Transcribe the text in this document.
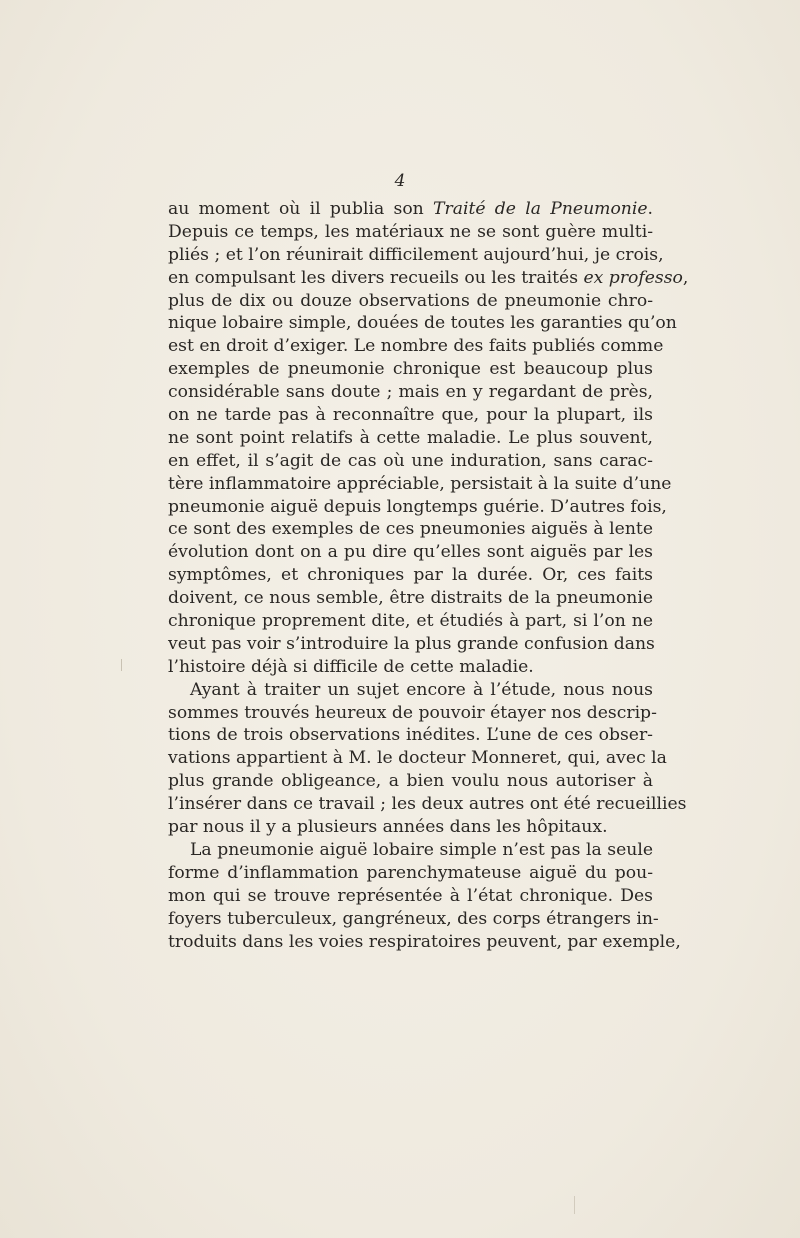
4
au moment où il publia son Traité de la Pneumonie.
Depuis ce temps, les matériaux ne se sont guère multi-
pliés ; et l’on réunirait difficilement aujourd’hui, je crois,
en compulsant les divers recueils ou les traités ex professo,
plus de dix ou douze observations de pneumonie chro-
nique lobaire simple, douées de toutes les garanties qu’on
est en droit d’exiger. Le nombre des faits publiés comme
exemples de pneumonie chronique est beaucoup plus
considérable sans doute ; mais en y regardant de près,
on ne tarde pas à reconnaître que, pour la plupart, ils
ne sont point relatifs à cette maladie. Le plus souvent,
en effet, il s’agit de cas où une induration, sans carac-
tère inflammatoire appréciable, persistait à la suite d’une
pneumonie aiguë depuis longtemps guérie. D’autres fois,
ce sont des exemples de ces pneumonies aiguës à lente
évolution dont on a pu dire qu’elles sont aiguës par les
symptômes, et chroniques par la durée. Or, ces faits
doivent, ce nous semble, être distraits de la pneumonie
chronique proprement dite, et étudiés à part, si l’on ne
veut pas voir s’introduire la plus grande confusion dans
l’histoire déjà si difficile de cette maladie.
Ayant à traiter un sujet encore à l’étude, nous nous
sommes trouvés heureux de pouvoir étayer nos descrip-
tions de trois observations inédites. L’une de ces obser-
vations appartient à M. le docteur Monneret, qui, avec la
plus grande obligeance, a bien voulu nous autoriser à
l’insérer dans ce travail ; les deux autres ont été recueillies
par nous il y a plusieurs années dans les hôpitaux.
La pneumonie aiguë lobaire simple n’est pas la seule
forme d’inflammation parenchymateuse aiguë du pou-
mon qui se trouve représentée à l’état chronique. Des
foyers tuberculeux, gangréneux, des corps étrangers in-
troduits dans les voies respiratoires peuvent, par exemple,
